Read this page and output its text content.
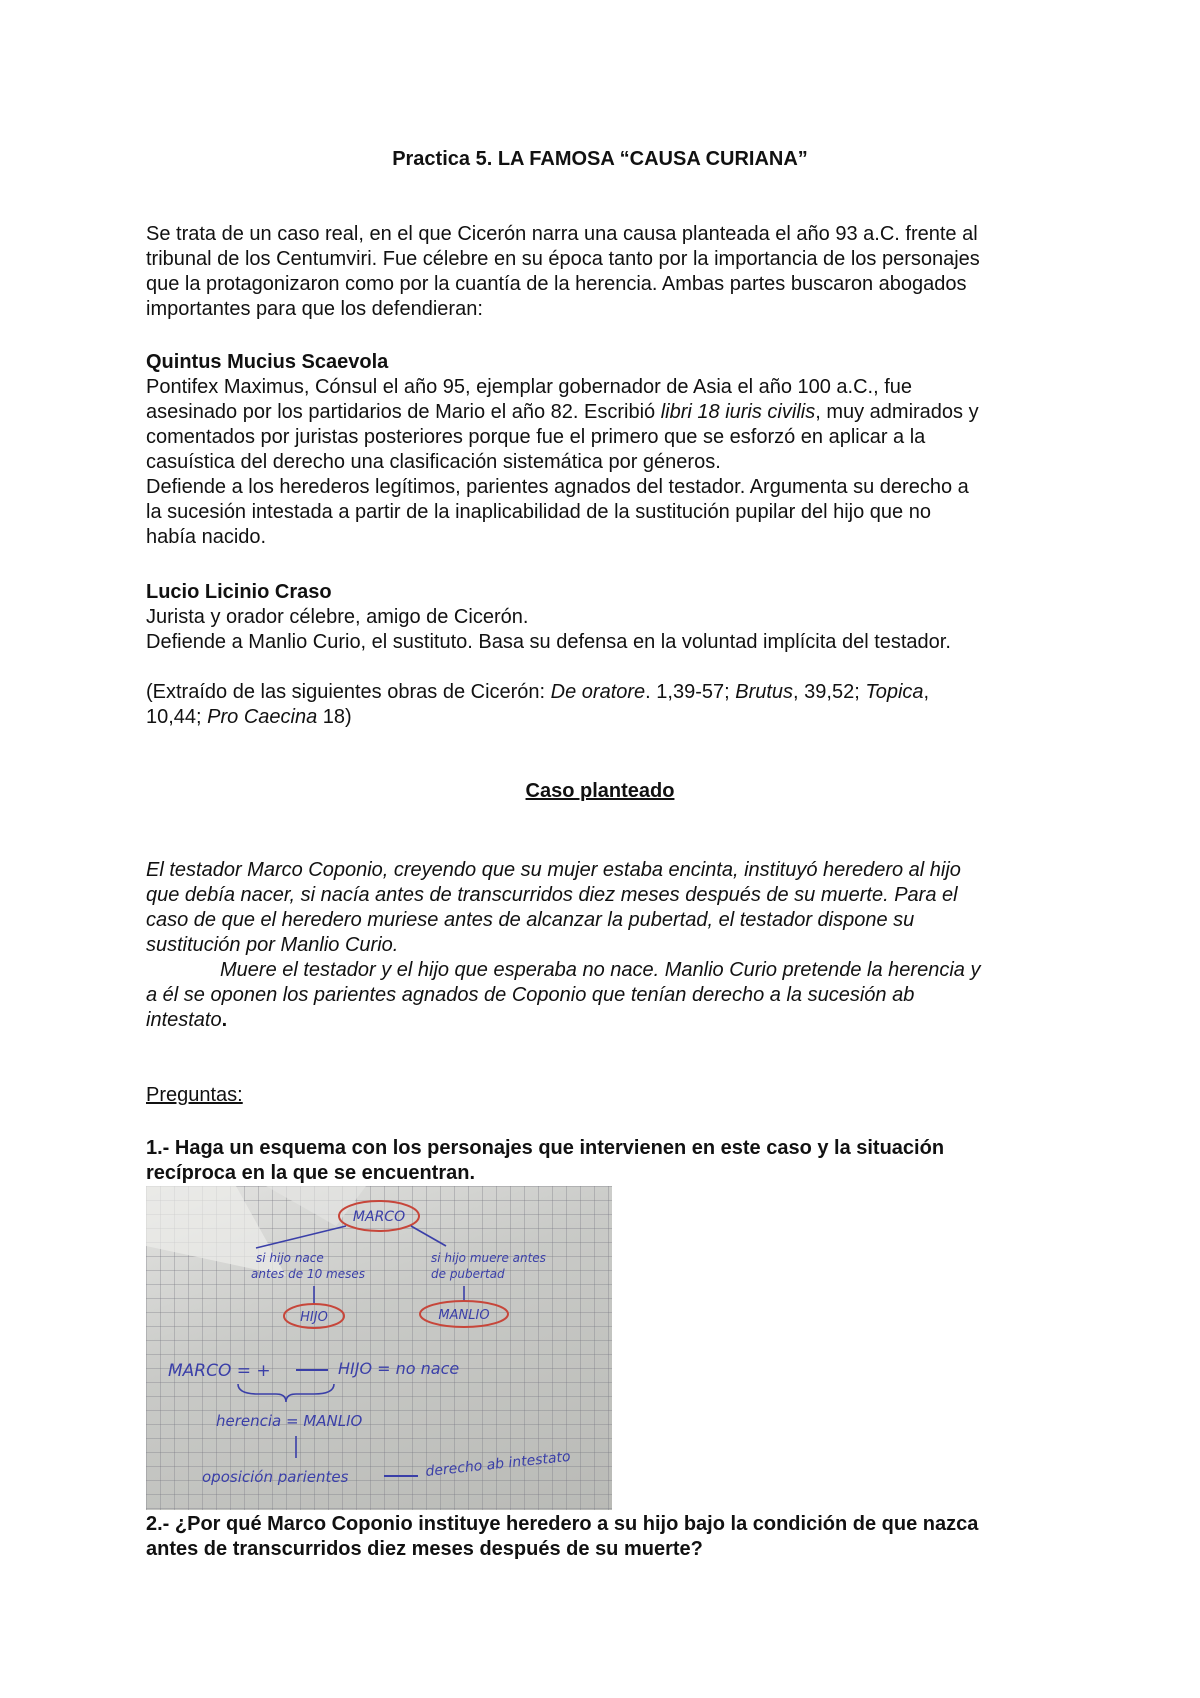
Practica 5. LA FAMOSA “CAUSA CURIANA”
Se trata de un caso real, en el que Cicerón narra una causa planteada el año 93 a.C. frente al
tribunal de los Centumviri. Fue célebre en su época tanto por la importancia de los personajes
que la protagonizaron como por la cuantía de la herencia. Ambas partes buscaron abogados
importantes para que los defendieran:
Quintus Mucius Scaevola
Pontifex Maximus, Cónsul el año 95, ejemplar gobernador de Asia el año 100 a.C., fue
asesinado por los partidarios de Mario el año 82. Escribió libri 18 iuris civilis, muy admirados y
comentados por juristas posteriores porque fue el primero que se esforzó en aplicar a la
casuística del derecho una clasificación sistemática por géneros.
Defiende a los herederos legítimos, parientes agnados del testador. Argumenta su derecho a
la sucesión intestada a partir de la inaplicabilidad de la sustitución pupilar del hijo que no
había nacido.
Lucio Licinio Craso
Jurista y orador célebre, amigo de Cicerón.
Defiende a Manlio Curio, el sustituto. Basa su defensa en la voluntad implícita del testador.
(Extraído de las siguientes obras de Cicerón: De oratore. 1,39-57; Brutus, 39,52; Topica,
10,44; Pro Caecina 18)
Caso planteado
El testador Marco Coponio, creyendo que su mujer estaba encinta, instituyó heredero al hijo
que debía nacer, si nacía antes de transcurridos diez meses después de su muerte. Para el
caso de que el heredero muriese antes de alcanzar la pubertad, el testador dispone su
sustitución por Manlio Curio.
Muere el testador y el hijo que esperaba no nace. Manlio Curio pretende la herencia y
a él se oponen los parientes agnados de Coponio que tenían derecho a la sucesión ab
intestato.
Preguntas:
1.- Haga un esquema con los personajes que intervienen en este caso y la situación
recíproca en la que se encuentran.
MARCO
si hijo nace
antes de 10 meses
si hijo muere antes
de pubertad
HIJO	MANLIO
MARCO = +	HIJO = no nace
herencia = MANLIO
oposición parientes	derecho ab intestato
2.- ¿Por qué Marco Coponio instituye heredero a su hijo bajo la condición de que nazca
antes de transcurridos diez meses después de su muerte?
